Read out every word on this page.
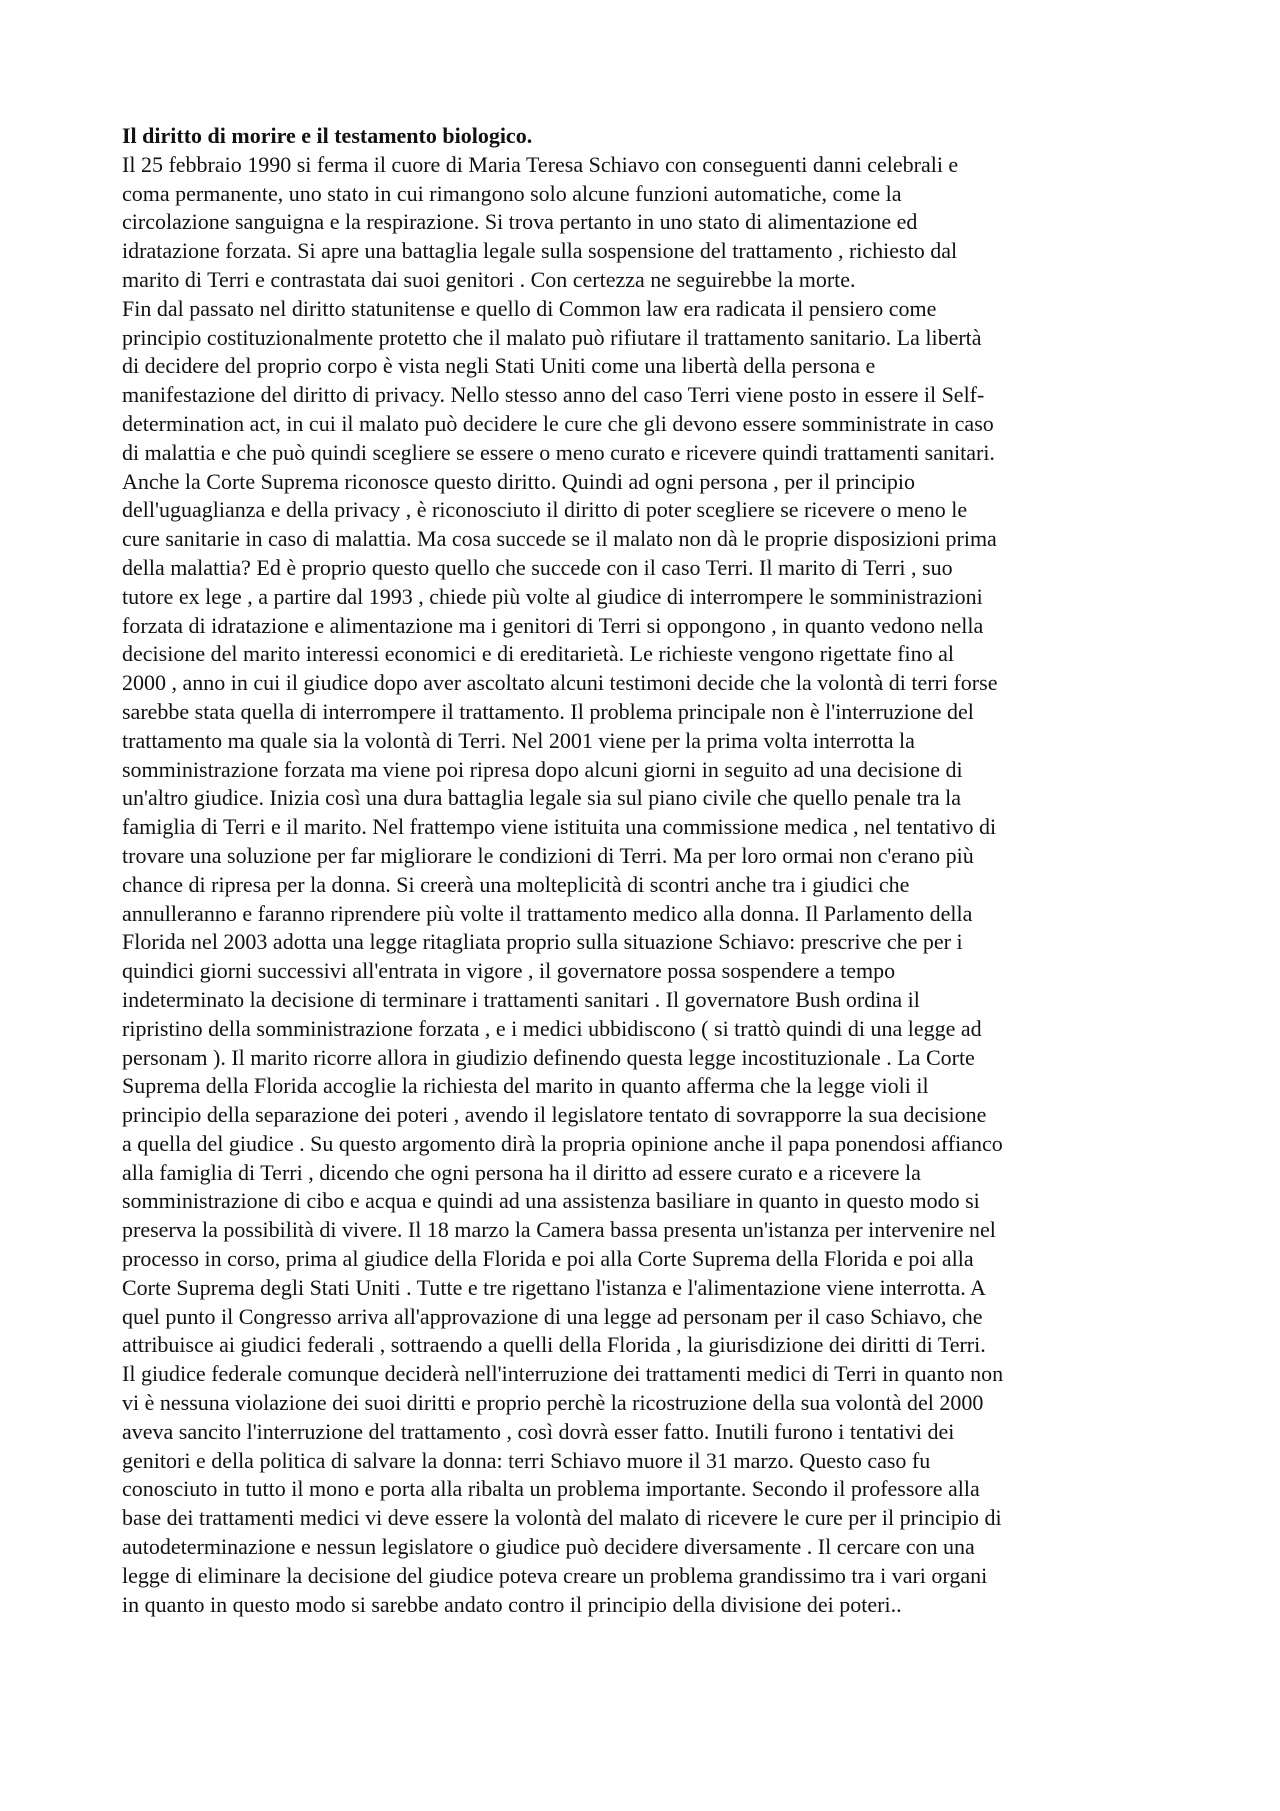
Il diritto di morire e il testamento biologico.

Il 25 febbraio 1990 si ferma il cuore di Maria Teresa Schiavo con conseguenti danni celebrali e
coma permanente, uno stato in cui rimangono solo alcune funzioni automatiche, come la
circolazione sanguigna e la respirazione. Si trova pertanto in uno stato di alimentazione ed
idratazione forzata. Si apre una battaglia legale sulla sospensione del trattamento , richiesto dal
marito di Terri e contrastata dai suoi genitori . Con certezza ne seguirebbe la morte.

Fin dal passato nel diritto statunitense e quello di Common law era radicata il pensiero come
principio costituzionalmente protetto che il malato può rifiutare il trattamento sanitario. La libertà
di decidere del proprio corpo è vista negli Stati Uniti come una libertà della persona e
manifestazione del diritto di privacy. Nello stesso anno del caso Terri viene posto in essere il Self-
determination act, in cui il malato può decidere le cure che gli devono essere somministrate in caso
di malattia e che può quindi scegliere se essere o meno curato e ricevere quindi trattamenti sanitari.
Anche la Corte Suprema riconosce questo diritto. Quindi ad ogni persona , per il principio
dell'uguaglianza e della privacy , è riconosciuto il diritto di poter scegliere se ricevere o meno le
cure sanitarie in caso di malattia. Ma cosa succede se il malato non dà le proprie disposizioni prima
della malattia? Ed è proprio questo quello che succede con il caso Terri. Il marito di Terri , suo
tutore ex lege , a partire dal 1993 , chiede più volte al giudice di interrompere le somministrazioni
forzata di idratazione e alimentazione ma i genitori di Terri si oppongono , in quanto vedono nella
decisione del marito interessi economici e di ereditarietà. Le richieste vengono rigettate fino al
2000 , anno in cui il giudice dopo aver ascoltato alcuni testimoni decide che la volontà di terri forse
sarebbe stata quella di interrompere il trattamento. Il problema principale non è l'interruzione del
trattamento ma quale sia la volontà di Terri. Nel 2001 viene per la prima volta interrotta la
somministrazione forzata ma viene poi ripresa dopo alcuni giorni in seguito ad una decisione di
un'altro giudice. Inizia così una dura battaglia legale sia sul piano civile che quello penale tra la
famiglia di Terri e il marito. Nel frattempo viene istituita una commissione medica , nel tentativo di
trovare una soluzione per far migliorare le condizioni di Terri. Ma per loro ormai non c'erano più
chance di ripresa per la donna. Si creerà una molteplicità di scontri anche tra i giudici che
annulleranno e faranno riprendere più volte il trattamento medico alla donna. Il Parlamento della
Florida nel 2003 adotta una legge ritagliata proprio sulla situazione Schiavo: prescrive che per i
quindici giorni successivi all'entrata in vigore , il governatore possa sospendere a tempo
indeterminato la decisione di terminare i trattamenti sanitari . Il governatore Bush ordina il
ripristino della somministrazione forzata , e i medici ubbidiscono ( si trattò quindi di una legge ad
personam ). Il marito ricorre allora in giudizio definendo questa legge incostituzionale . La Corte
Suprema della Florida accoglie la richiesta del marito in quanto afferma che la legge violi il
principio della separazione dei poteri , avendo il legislatore tentato di sovrapporre la sua decisione
a quella del giudice . Su questo argomento dirà la propria opinione anche il papa ponendosi affianco
alla famiglia di Terri , dicendo che ogni persona ha il diritto ad essere curato e a ricevere la
somministrazione di cibo e acqua e quindi ad una assistenza basiliare in quanto in questo modo si
preserva la possibilità di vivere. Il 18 marzo la Camera bassa presenta un'istanza per intervenire nel
processo in corso, prima al giudice della Florida e poi alla Corte Suprema della Florida e poi alla
Corte Suprema degli Stati Uniti . Tutte e tre rigettano l'istanza e l'alimentazione viene interrotta. A
quel punto il Congresso arriva all'approvazione di una legge ad personam per il caso Schiavo, che
attribuisce ai giudici federali , sottraendo a quelli della Florida , la giurisdizione dei diritti di Terri.
Il giudice federale comunque deciderà nell'interruzione dei trattamenti medici di Terri in quanto non
vi è nessuna violazione dei suoi diritti e proprio perchè la ricostruzione della sua volontà del 2000
aveva sancito l'interruzione del trattamento , così dovrà esser fatto. Inutili furono i tentativi dei
genitori e della politica di salvare la donna: terri Schiavo muore il 31 marzo. Questo caso fu
conosciuto in tutto il mono e porta alla ribalta un problema importante. Secondo il professore alla
base dei trattamenti medici vi deve essere la volontà del malato di ricevere le cure per il principio di
autodeterminazione e nessun legislatore o giudice può decidere diversamente . Il cercare con una
legge di eliminare la decisione del giudice poteva creare un problema grandissimo tra i vari organi
in quanto in questo modo si sarebbe andato contro il principio della divisione dei poteri..
